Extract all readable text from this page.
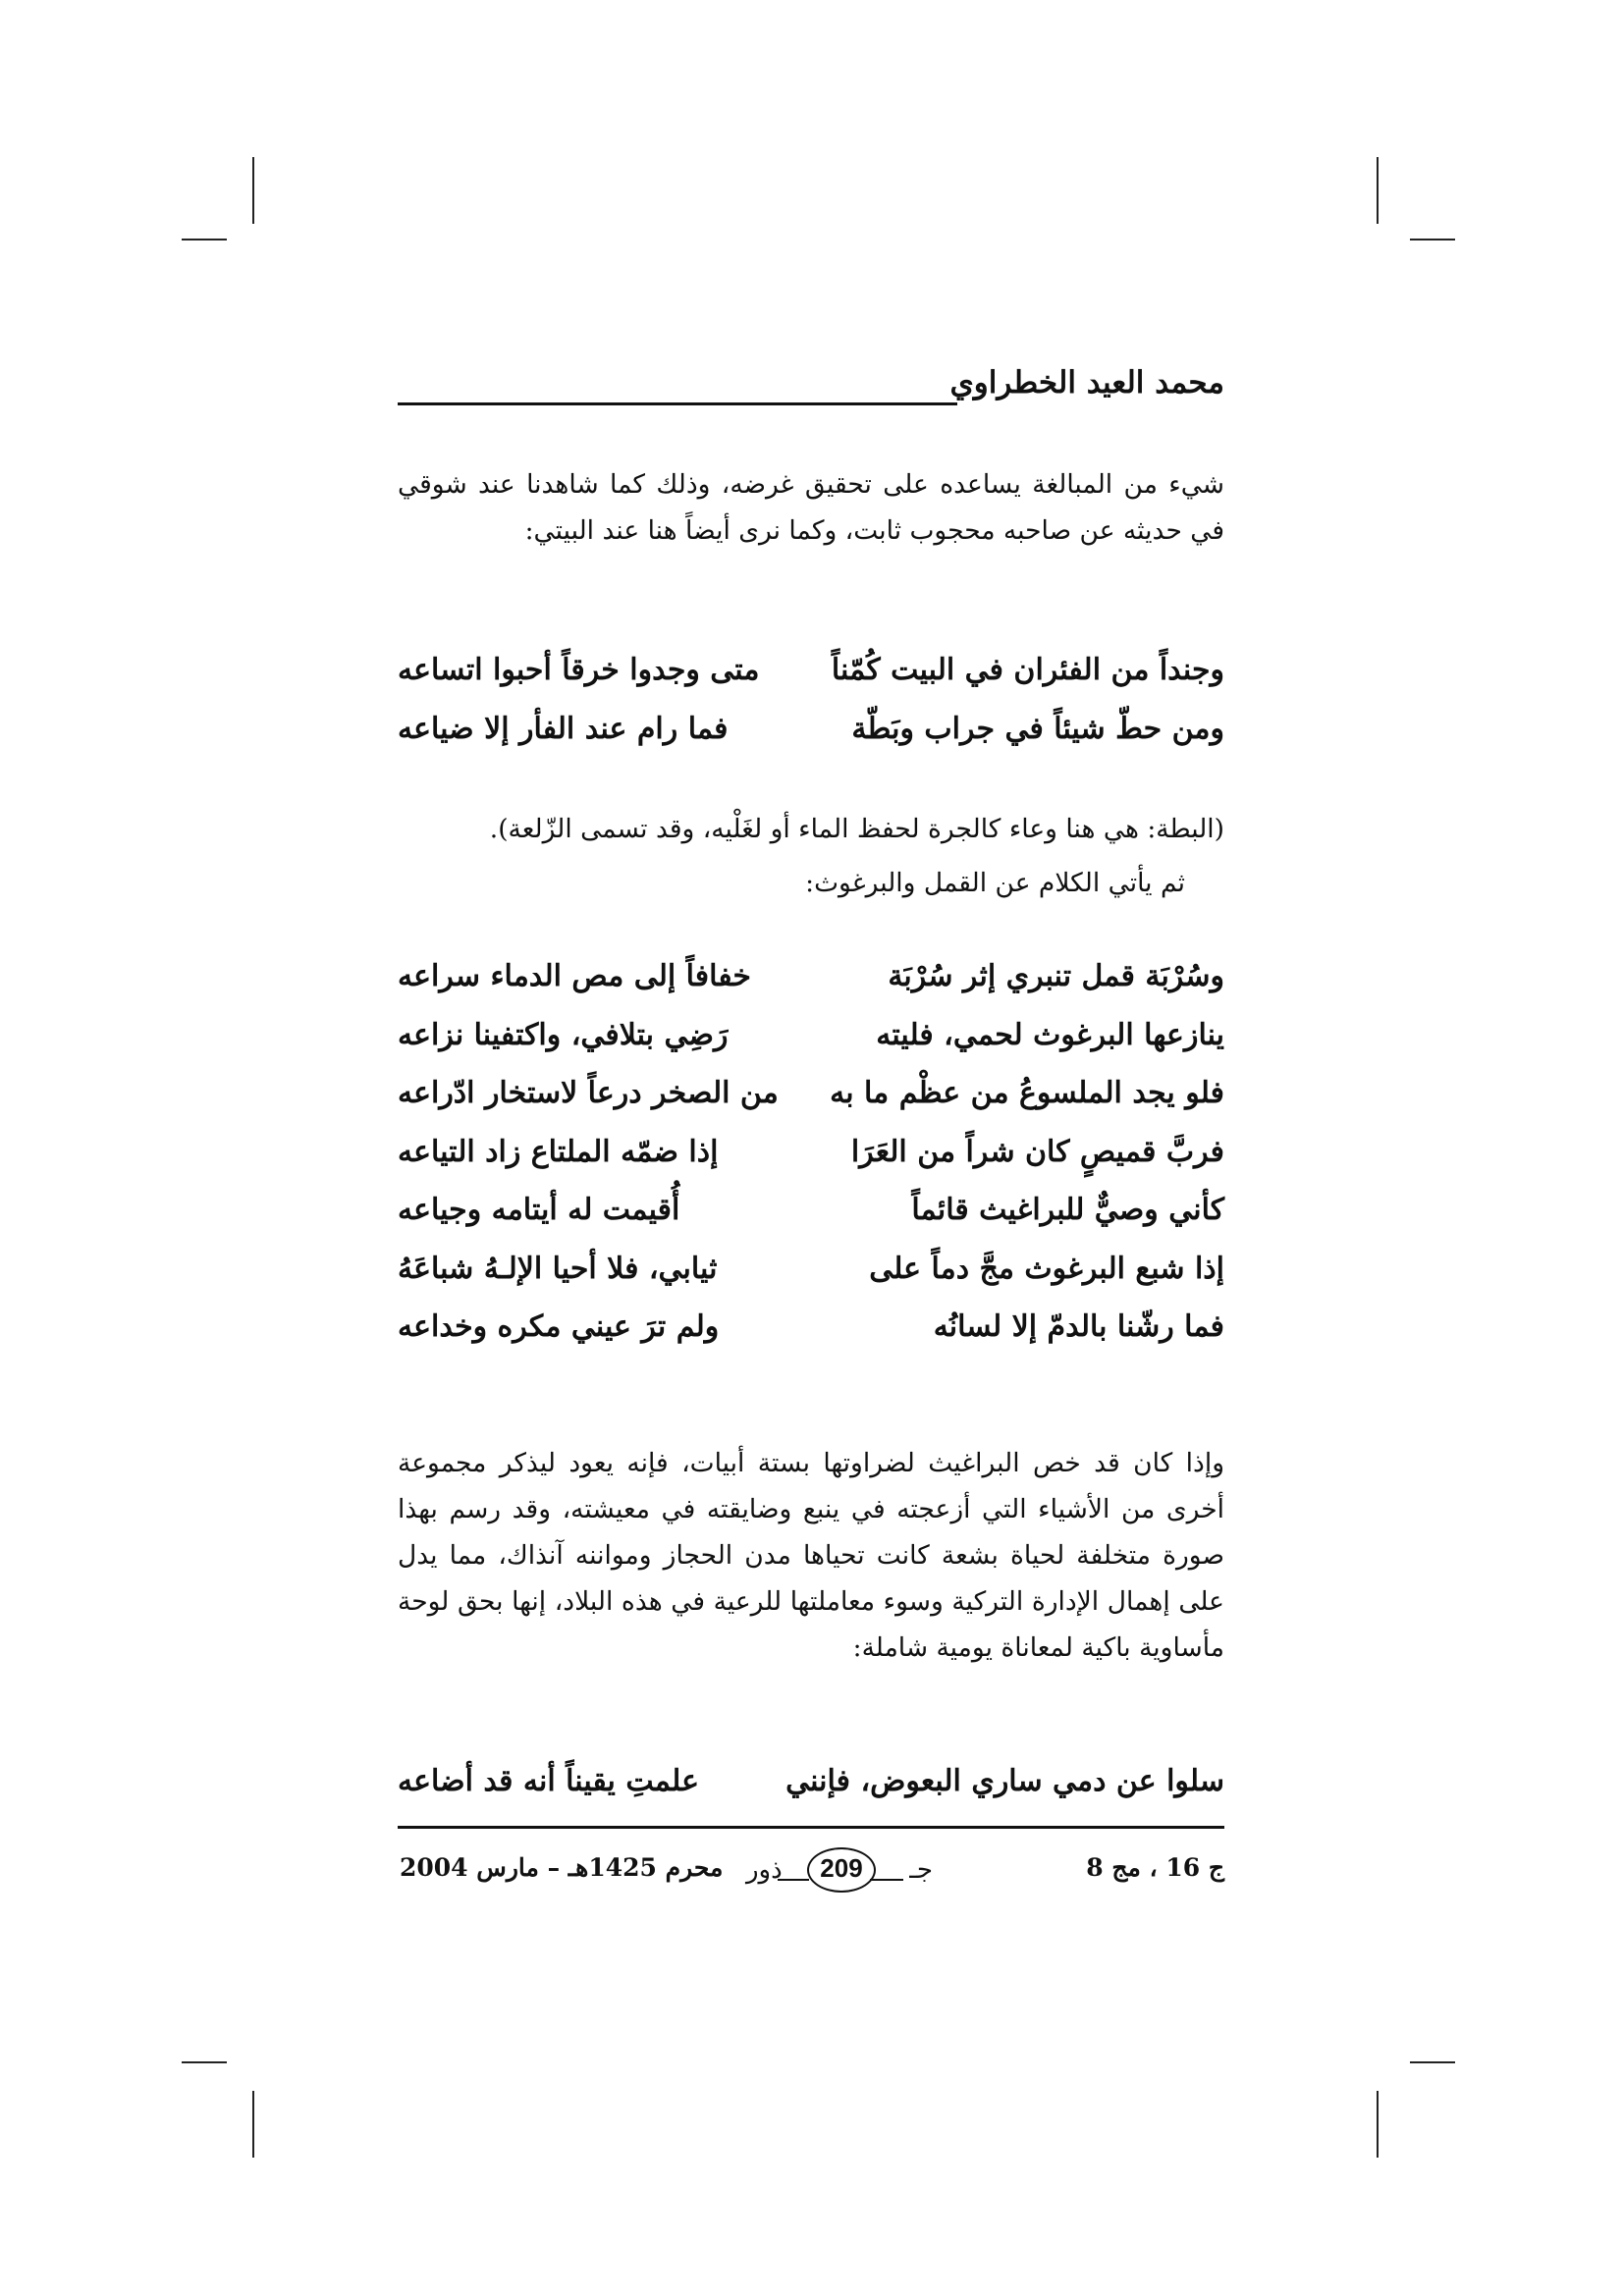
محمد العيد الخطراوي
شيء من المبالغة يساعده على تحقيق غرضه، وذلك كما شاهدنا عند شوقي في حديثه عن صاحبه محجوب ثابت، وكما نرى أيضاً هنا عند البيتي:
وجنداً من الفئران في البيت كُمّناً
متى وجدوا خرقاً أحبوا اتساعه
ومن حطّ شيئاً في جراب وبَطّة
فما رام عند الفأر إلا ضياعه
(البطة: هي هنا وعاء كالجرة لحفظ الماء أو لغَلْيه، وقد تسمى الزّلعة).
ثم يأتي الكلام عن القمل والبرغوث:
وسُرْبَة قمل تنبري إثر سُرْبَة
خفافاً إلى مص الدماء سراعه
ينازعها البرغوث لحمي، فليته
رَضِي بتلافي، واكتفينا نزاعه
فلو يجد الملسوعُ من عظْم ما به
من الصخر درعاً لاستخار ادّراعه
فربَّ قميصٍ كان شراً من العَرَا
إذا ضمّه الملتاع زاد التياعه
كأني وصيٌّ للبراغيث قائماً
أُقيمت له أيتامه وجياعه
إذا شبع البرغوث مجَّ دماً على
ثيابي، فلا أحيا الإلـهُ شباعَهُ
فما رشّنا بالدمّ إلا لسانُه
ولم ترَ عيني مكره وخداعه
وإذا كان قد خص البراغيث لضراوتها بستة أبيات، فإنه يعود ليذكر مجموعة أخرى من الأشياء التي أزعجته في ينبع وضايقته في معيشته، وقد رسم بهذا صورة متخلفة لحياة بشعة كانت تحياها مدن الحجاز ومواننه آنذاك، مما يدل على إهمال الإدارة التركية وسوء معاملتها للرعية في هذه البلاد، إنها بحق لوحة مأساوية باكية لمعاناة يومية شاملة:
سلوا عن دمي ساري البعوض، فإنني
علمتِ يقيناً أنه قد أضاعه
ج 16 ، مج 8
جـ
209
ذور
محرم 1425هـ – مارس 2004
